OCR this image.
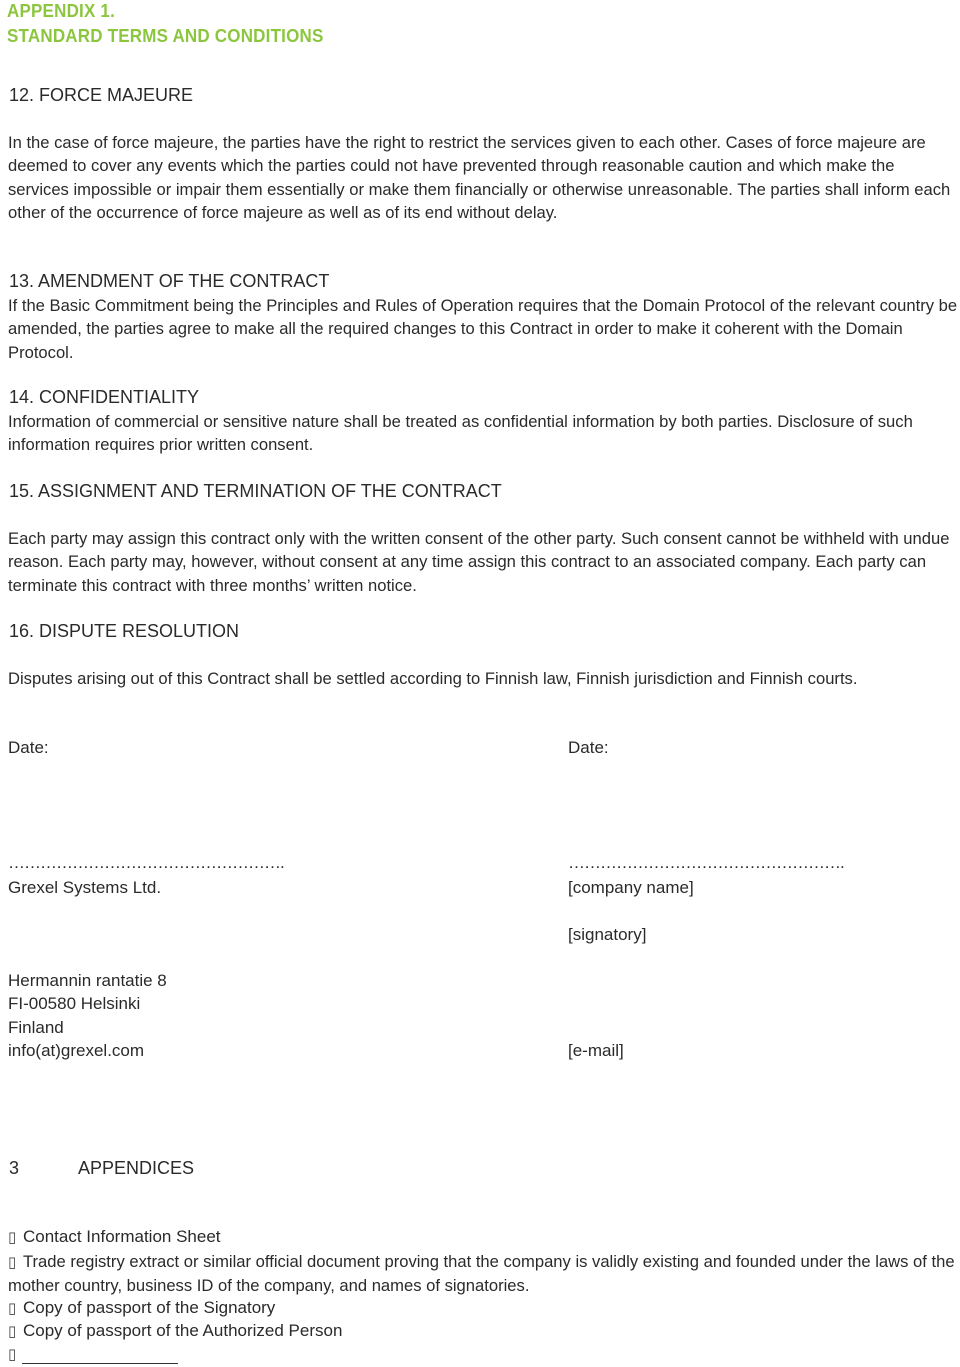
APPENDIX 1.
STANDARD TERMS AND CONDITIONS
12. FORCE MAJEURE
In the case of force majeure, the parties have the right to restrict the services given to each other. Cases of force majeure are deemed to cover any events which the parties could not have prevented through reasonable caution and which make the services impossible or impair them essentially or make them financially or otherwise unreasonable. The parties shall inform each other of the occurrence of force majeure as well as of its end without delay.
13. AMENDMENT OF THE CONTRACT
If the Basic Commitment being the Principles and Rules of Operation requires that the Domain Protocol of the relevant country be amended, the parties agree to make all the required changes to this Contract in order to make it coherent with the Domain Protocol.
14. CONFIDENTIALITY
Information of commercial or sensitive nature shall be treated as confidential information by both parties. Disclosure of such information requires prior written consent.
15. ASSIGNMENT AND TERMINATION OF THE CONTRACT
Each party may assign this contract only with the written consent of the other party. Such consent cannot be withheld with undue reason. Each party may, however, without consent at any time assign this contract to an associated company. Each party can terminate this contract with three months’ written notice.
16. DISPUTE RESOLUTION
Disputes arising out of this Contract shall be settled according to Finnish law, Finnish jurisdiction and Finnish courts.
Date:
…………………………………………….
Grexel Systems Ltd.
Hermannin rantatie 8
FI-00580 Helsinki
Finland
info(at)grexel.com
Date:
…………………………………………….
[company name]
[signatory]
[e-mail]
3	APPENDICES
▯ Contact Information Sheet
▯ Trade registry extract or similar official document proving that the company is validly existing and founded under the laws of the mother country, business ID of the company, and names of signatories.
▯ Copy of passport of the Signatory
▯ Copy of passport of the Authorized Person
▯
